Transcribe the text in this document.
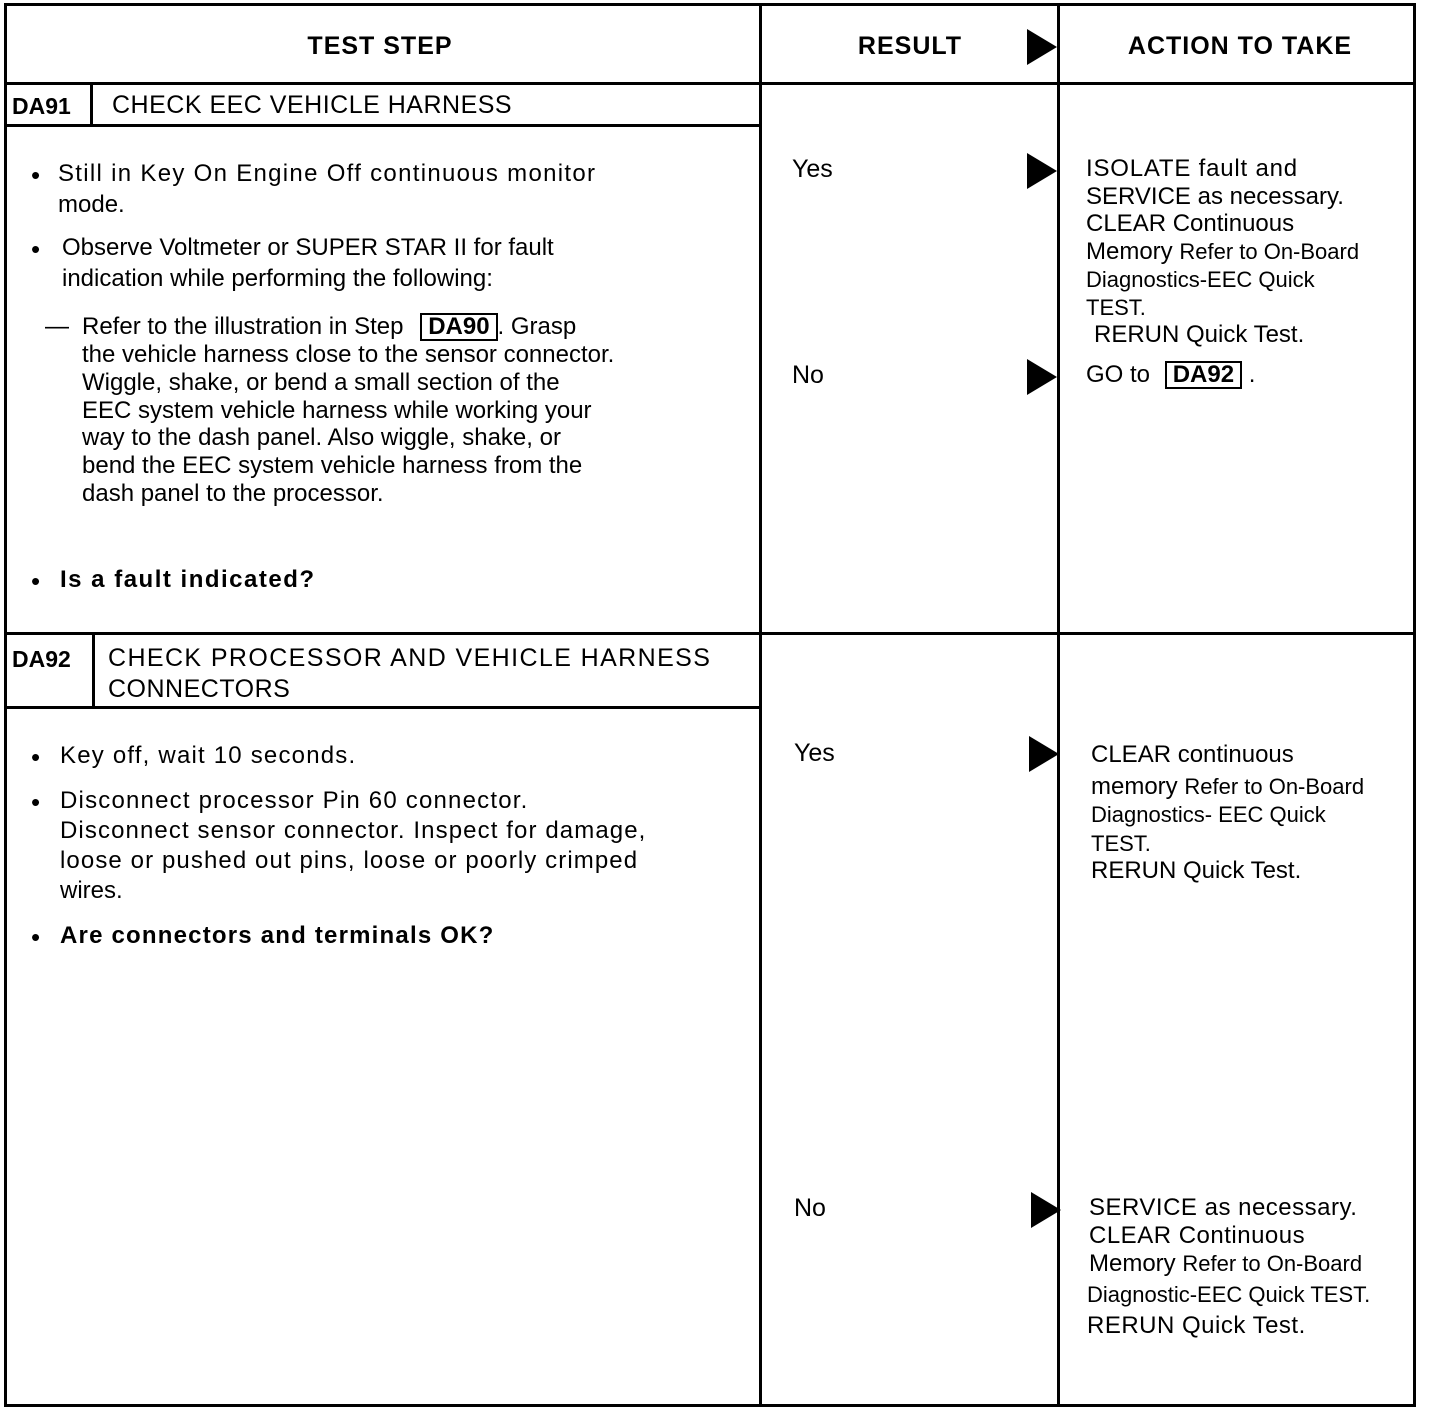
TEST STEP	RESULT	ACTION TO TAKE
DA91 CHECK EEC VEHICLE HARNESS
• Still in Key On Engine Off continuous monitor
mode.
• Observe Voltmeter or SUPER STAR II for fault
indication while performing the following:
— Refer to the illustration in Step DA90 . Grasp
the vehicle harness close to the sensor connector.
Wiggle, shake, or bend a small section of the
EEC system vehicle harness while working your
way to the dash panel. Also wiggle, shake, or
bend the EEC system vehicle harness from the
dash panel to the processor.
• Is a fault indicated?
Yes
No
ISOLATE fault and
SERVICE as necessary.
CLEAR Continuous
Memory Refer to On-Board
Diagnostics-EEC Quick
TEST.
RERUN Quick Test.
GO to DA92 .
DA92 CHECK PROCESSOR AND VEHICLE HARNESS
CONNECTORS
• Key off, wait 10 seconds.
• Disconnect processor Pin 60 connector.
Disconnect sensor connector. Inspect for damage,
loose or pushed out pins, loose or poorly crimped
wires.
• Are connectors and terminals OK?
Yes
No
CLEAR continuous
memory Refer to On-Board
Diagnostics- EEC Quick
TEST.
RERUN Quick Test.
SERVICE as necessary.
CLEAR Continuous
Memory Refer to On-Board
Diagnostic-EEC Quick TEST.
RERUN Quick Test.
